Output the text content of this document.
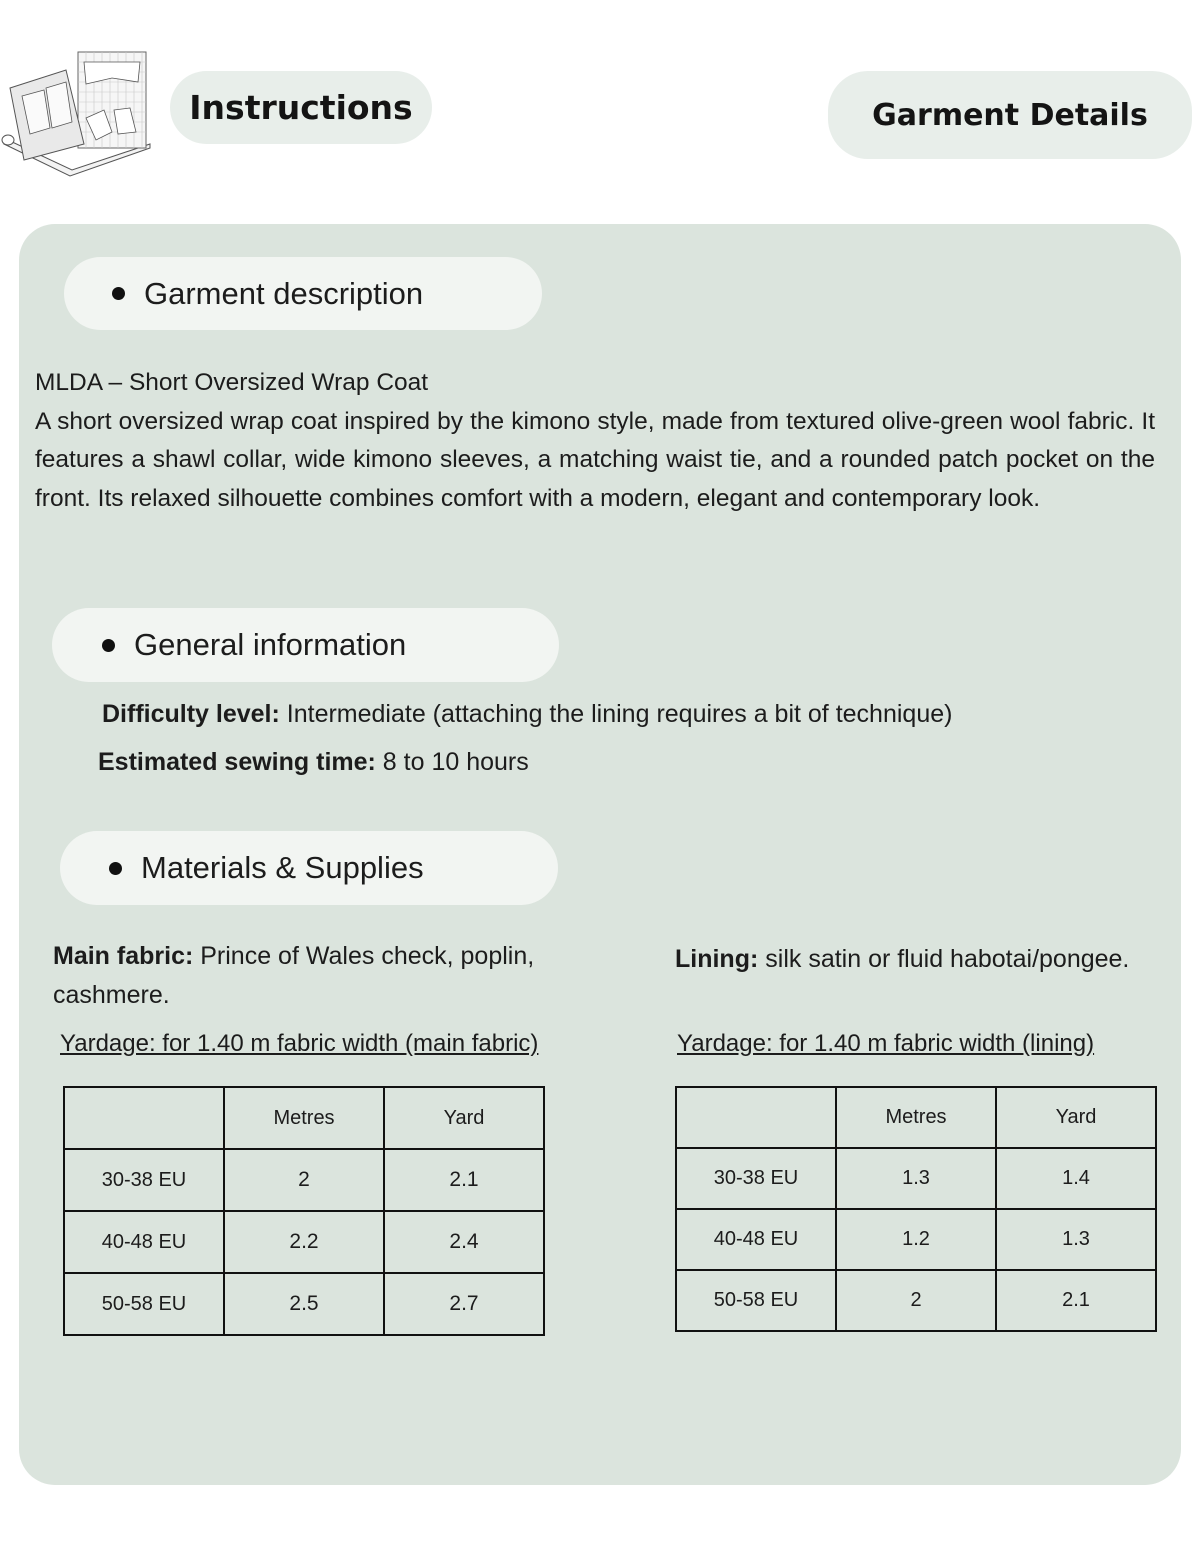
Instructions	Garment Details
Garment description
MLDA – Short Oversized Wrap Coat
A short oversized wrap coat inspired by the kimono style, made from textured olive-green wool fabric. It features a shawl collar, wide kimono sleeves, a matching waist tie, and a rounded patch pocket on the front. Its relaxed silhouette combines comfort with a modern, elegant and contemporary look.
General information
Difficulty level: Intermediate (attaching the lining requires a bit of technique)
Estimated sewing time: 8 to 10 hours
Materials & Supplies
Main fabric: Prince of Wales check, poplin, cashmere.
Lining: silk satin or fluid habotai/pongee.
Yardage: for 1.40 m fabric width (main fabric)	Yardage: for 1.40 m fabric width (lining)
	Metres	Yard
30-38 EU	2	2.1
40-48 EU	2.2	2.4
50-58 EU	2.5	2.7
	Metres	Yard
30-38 EU	1.3	1.4
40-48 EU	1.2	1.3
50-58 EU	2	2.1
